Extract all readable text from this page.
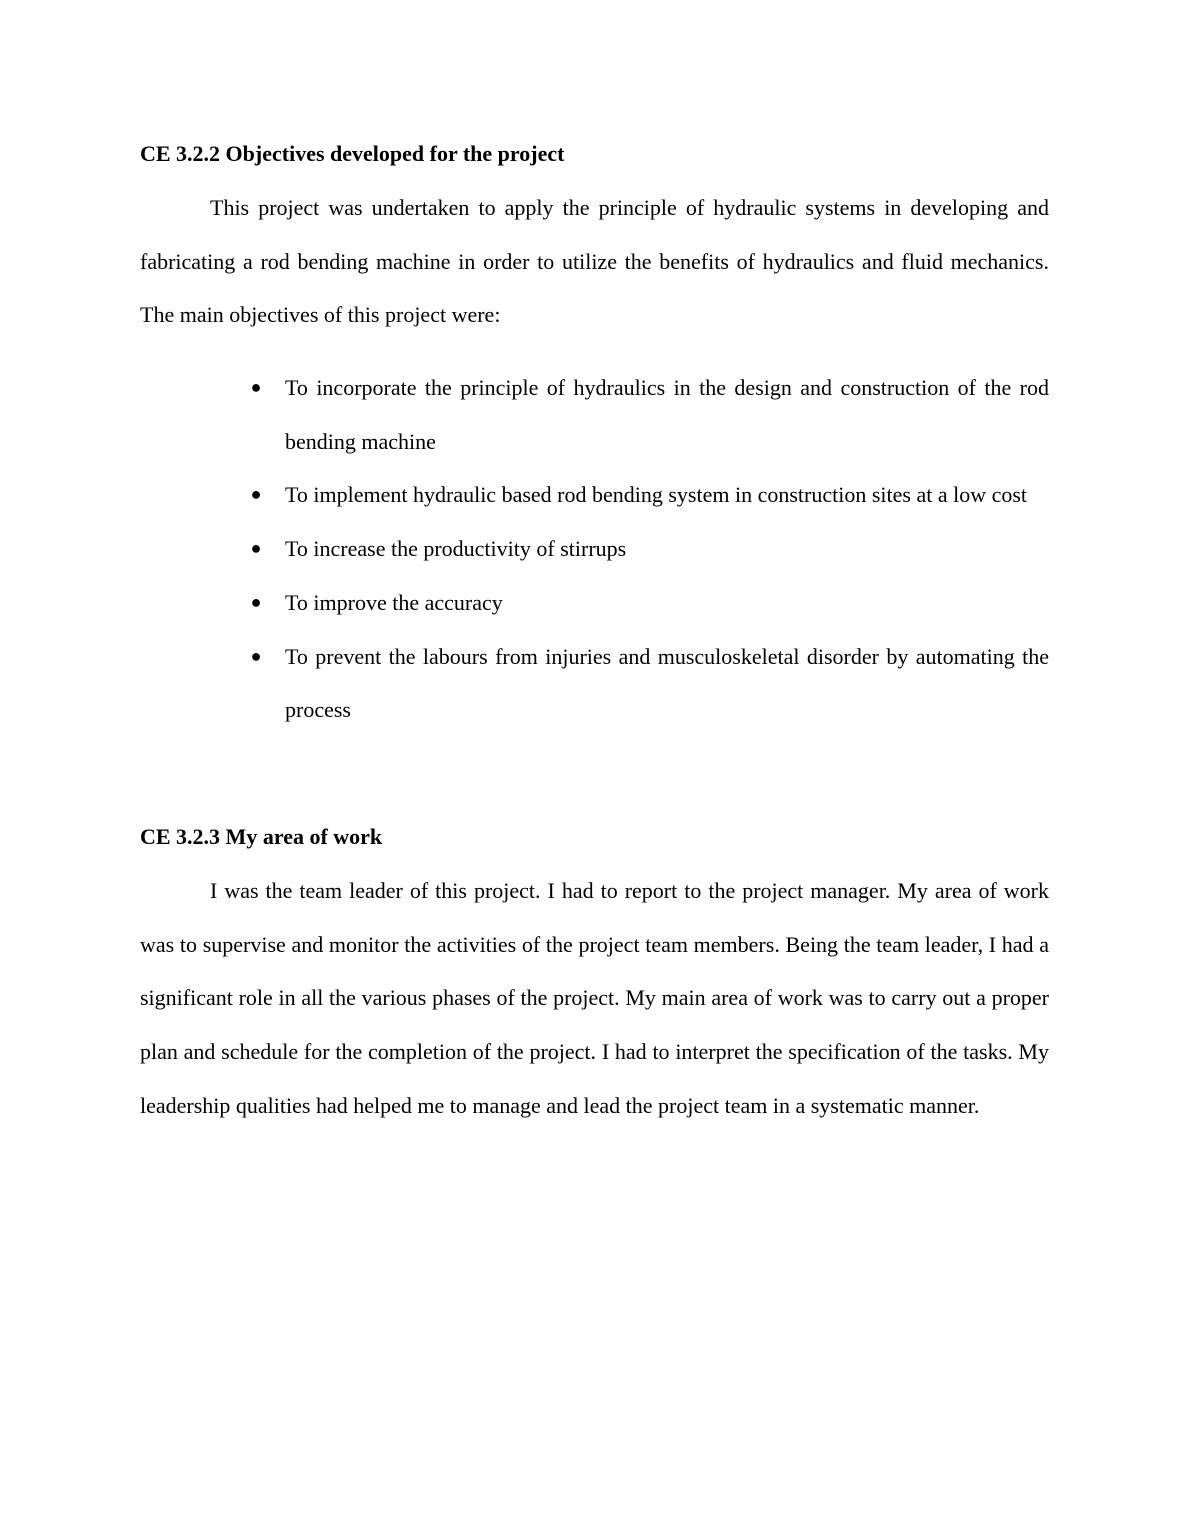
CE 3.2.2 Objectives developed for the project

This project was undertaken to apply the principle of hydraulic systems in developing and fabricating a rod bending machine in order to utilize the benefits of hydraulics and fluid mechanics. The main objectives of this project were:

● To incorporate the principle of hydraulics in the design and construction of the rod bending machine
● To implement hydraulic based rod bending system in construction sites at a low cost
● To increase the productivity of stirrups
● To improve the accuracy
● To prevent the labours from injuries and musculoskeletal disorder by automating the process
CE 3.2.3 My area of work

I was the team leader of this project. I had to report to the project manager. My area of work was to supervise and monitor the activities of the project team members. Being the team leader, I had a significant role in all the various phases of the project. My main area of work was to carry out a proper plan and schedule for the completion of the project. I had to interpret the specification of the tasks. My leadership qualities had helped me to manage and lead the project team in a systematic manner.
